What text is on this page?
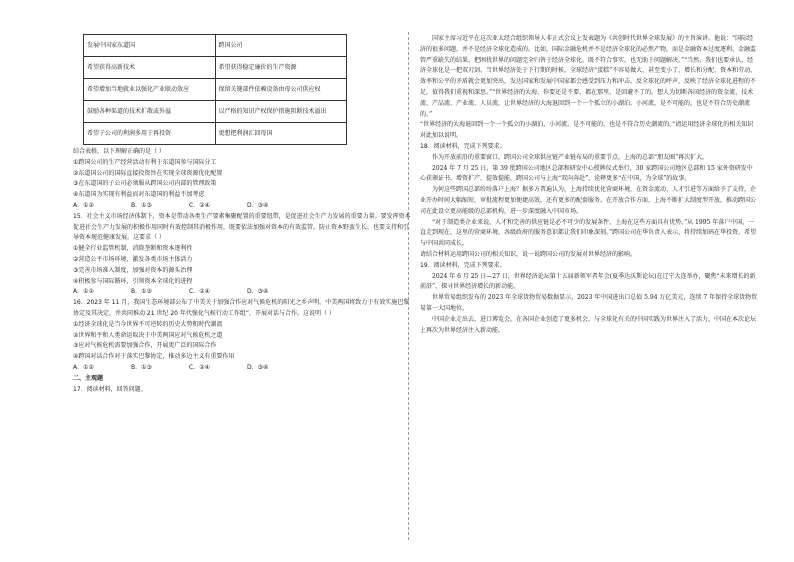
发展中国家东道国	跨国公司
希望获得高新技术	希望获得稳定廉价的生产资源
希望增加当地就业以强化产业联动效应	保留关键部件依赖设备由母公司供应权
鼓励各种渠道的技术扩散或外溢	以严格的知识产权保护措施阻断技术溢出
希望子公司的利润多用于再投资	更想把利润汇回母国

结合表格，以下理解正确的是（ ）

①跨国公司的生产经营活动有利于东道国参与国际分工

②东道国公司的国际直接投资旨在实现全球资源优化配置

③在东道国的子公司必须服从跨国公司内部的管理政策

④东道国为实现有利益而对东道国的利益不加考虑

A．①②	B．①③	C．②④	D．③④

15．社会主义市场经济体制下，资本是带动各类生产要素集聚配置的重要纽带，是促进社会生产力发展的重要力量。要发挥资本促进社会生产力发展的积极作用同时有效控制其消极作用，既要依法加强对资本的有效监管，防止资本野蛮生长，也要支持和引导资本规范健康发展。这要求（ ）

①健全行业监管机制，消除垄断和资本逐利性

②营造公平市场环境，激发各类市场主体活力

③完善市场准入制度，加强对资本的源头治理

④积极参与国际循环，引领资本全球化的进程

A．①②	B．①③	C．②④	D．③④

16．2023 年 11 月，我国生态环境部公布了中美关于加强合作应对气候危机的阳光之乡声明。中美两国将致力于有效实施巴黎协定及其决定，并共同推动 21 世纪 20 年代强化气候行动工作组”，开展对话与合作。这说明（ ）

①经济全球化是当今世界不可逆转的历史大势和时代潮流

②世界和平和人类命运取决于中美两国应对气候危机之道

③应对气候危机需要加强合作，开展更广泛的国际合作

④跨国对话合作对于落实巴黎协定，推动多边主义有重要作用

A．①②	B．①③	C．②④	D．③④

二、主观题

17．阅读材料，回答问题。

国家主席习近平在这次亚太经合组织领导人非正式会议上发表题为《共创时代世界全球发展》的主旨演讲。他说：“国际经济的很多问题，并不是经济全球化造成的。比如，国际金融危机并不是经济全球化的必然产物，而是金融资本过度逐利、金融监管严重缺失的结果。把困扰世界的问题完全归咎于经济全球化，既不符合事实，也无助于问题解决。”“当然，我们也要承认，经济全球化是一把双刃剑。当世界经济处于下行期的时候，全球经济“蛋糕”不容易做大，甚至变小了，增长和分配、资本和劳动、效率和公平的矛盾就会更加突出，发达国家和发展中国家都会感受到压力和冲击。反全球化的呼声，反映了经济全球化进程的不足，值得我们重视和深思。”“世界经济的大海，你要还是不要，都在那里，是回避不了的。想人为切断各国经济的资金流、技术流、产品流、产业流、人员流，让世界经济的大海退回到一个一个孤立的小湖泊、小河流，是不可能的，也是不符合历史潮流的。”

“世界经济的大海退回到一个一个孤立的小湖泊、小河流，是不可能的，也是不符合历史潮流的。”请运用经济全球化的相关知识对此加以说明。

18．阅读材料，完成下列要求。

作为开放前沿的重要窗口，跨国公司全球供应链产业链布局的重要节点，上海的总部“朋友圈”再次扩大。

2024 年 7 月 25 日，第 39 批跨国公司地区总部和研发中心授牌仪式举行，30 家跨国公司地区总部和 15 家外资研发中心获颁证书，增资扩产、提效提能，跨国公司与上海“双向奔赴”，诠释更多“在中国，为全球”的故事。

为何这些跨国总部纷纷落户上海？据多方普遍认为，上海持续优化营商环境，在资金流动、人才引进等方面给予了支持，企业开办时间大幅缩短，审批流程更加便捷高效，还有更多的配套服务。在开放合作方面，上海不断扩大制度型开放，推动跨国公司在此设立更高能级的总部机构，进一步深度融入中国市场。

“对于制造类企业来说，人才和完善的供应链是必不可少的发展条件，上海在这些方面具有优势。”从 1995 年落户中国，一直走到现在，这里的营商环境，各级政府的服务意识都让我们印象深刻。”跨国公司在华负责人表示，将持续加码在华投资，希望与中国共同成长。

请结合材料运用跨国公司的相关知识，说一说跨国公司的发展对世界经济的影响。

19．阅读材料，完成下列要求。

2024 年 6 月 25 日—27 日，世界经济论坛第十五届新领军者年会(夏季达沃斯论坛)在辽宁大连举办，聚焦“未来增长的新前沿”，探寻世界经济增长的新动能。

世界贸易组织发布的 2023 年全球货物贸易数据显示，2023 年中国进出口总值 5.94 万亿美元，连续 7 年保持全球货物贸易第一大国地位。

中国企业走出去、进口博览会，在各国企业创造了更多机会，与全球化有关的中国实践为世界注入了活力，中国在本次论坛上再次为世界经济注入新动能。
